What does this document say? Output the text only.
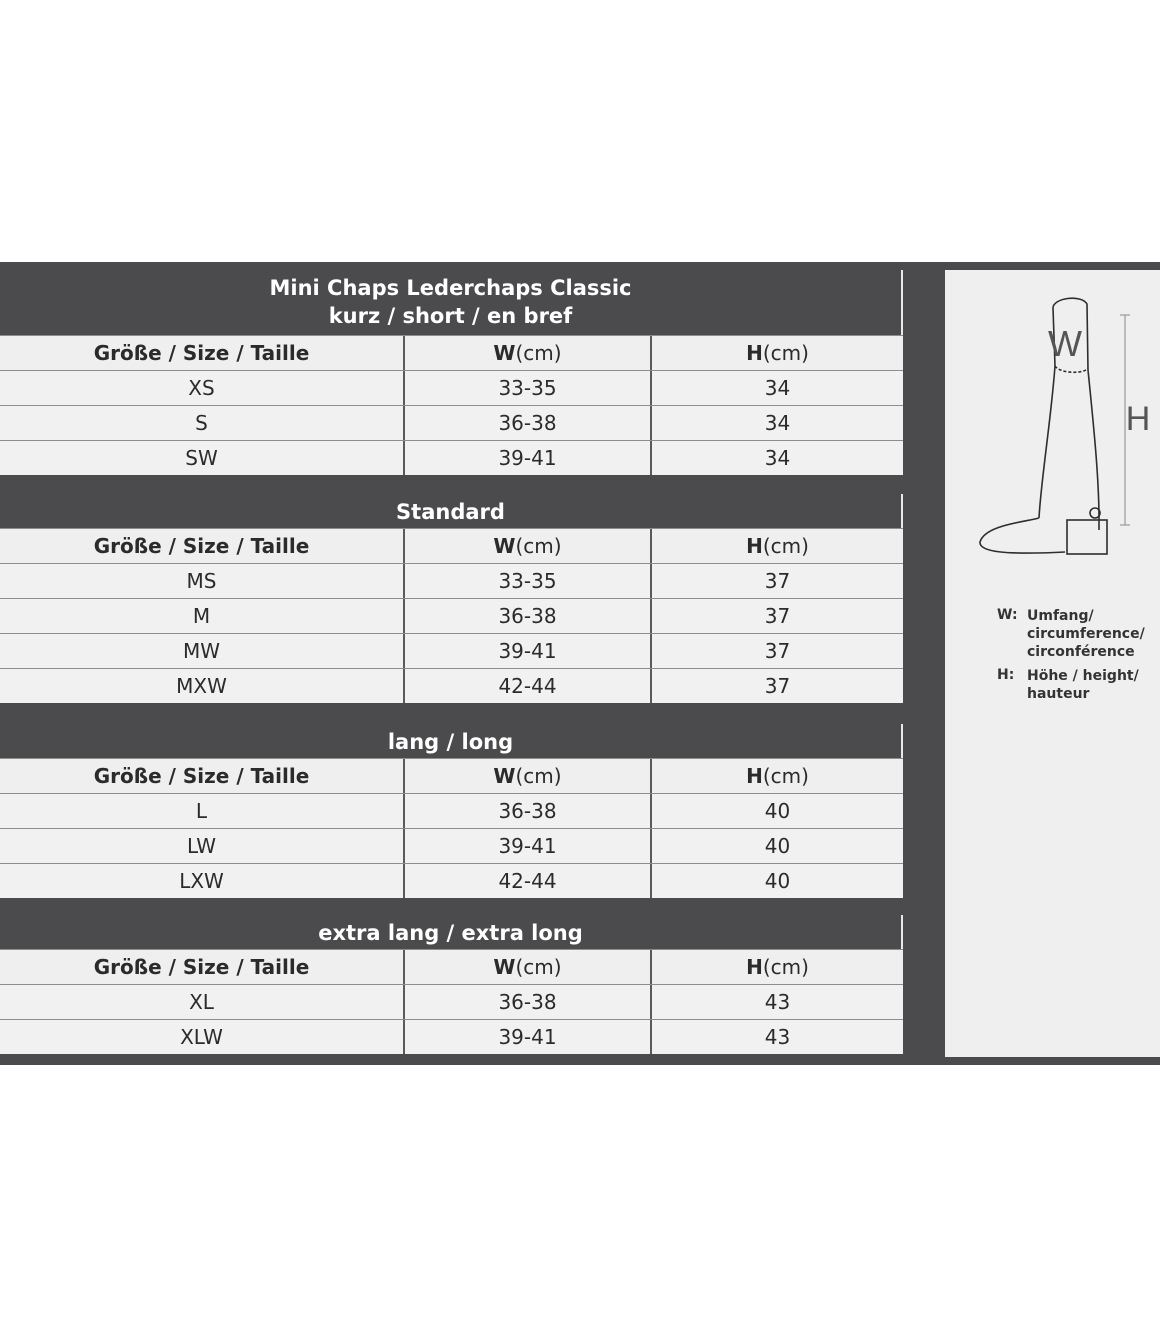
Mini Chaps Lederchaps Classic
kurz / short / en bref
Größe / Size / Taille	W (cm)	H (cm)
XS	33-35	34
S	36-38	34
SW	39-41	34
Standard
Größe / Size / Taille	W (cm)	H (cm)
MS	33-35	37
M	36-38	37
MW	39-41	37
MXW	42-44	37
lang / long
Größe / Size / Taille	W (cm)	H (cm)
L	36-38	40
LW	39-41	40
LXW	42-44	40
extra lang / extra long
Größe / Size / Taille	W (cm)	H (cm)
XL	36-38	43
XLW	39-41	43
W
H
W: Umfang/
circumference/
circonférence
H: Höhe / height/
hauteur
